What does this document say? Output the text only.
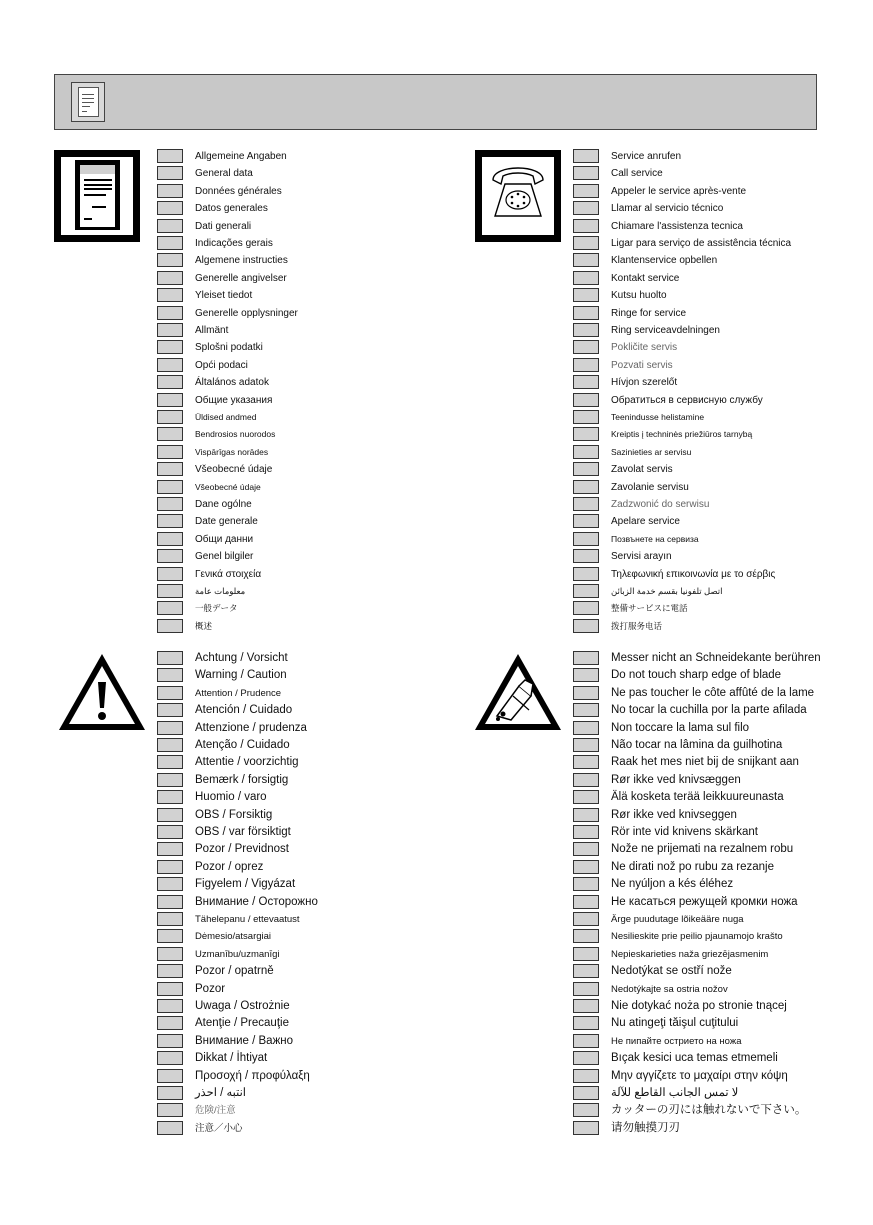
Allgemeine Angaben
General data
Données générales
Datos generales
Dati generali
Indicações gerais
Algemene instructies
Generelle angivelser
Yleiset tiedot
Generelle opplysninger
Allmänt
Splošni podatki
Opći podaci
Általános adatok
Общие указания
Üldised andmed
Bendrosios nuorodos
Vispārīgas norādes
Všeobecné údaje
Všeobecné údaje
Dane ogólne
Date generale
Общи данни
Genel bilgiler
Γενικά στοιχεία
معلومات عامة
一般データ
概述
Service anrufen
Call service
Appeler le service après-vente
Llamar al servicio técnico
Chiamare l'assistenza tecnica
Ligar para serviço de assistência técnica
Klantenservice opbellen
Kontakt service
Kutsu huolto
Ringe for service
Ring serviceavdelningen
Pokličite servis
Pozvati servis
Hívjon szerelőt
Обратиться в сервисную службу
Teenindusse helistamine
Kreiptis į techninės priežiūros tarnybą
Sazinieties ar servisu
Zavolat servis
Zavolanie servisu
Zadzwonić do serwisu
Apelare service
Позвънете на сервиза
Servisi arayın
Τηλεφωνική επικοινωνία με το σέρβις
اتصل تلفونيا بقسم خدمة الزبائن
整備サービスに電話
拨打服务电话
Achtung / Vorsicht
Warning / Caution
Attention / Prudence
Atención / Cuidado
Attenzione / prudenza
Atenção / Cuidado
Attentie / voorzichtig
Bemærk / forsigtig
Huomio / varo
OBS / Forsiktig
OBS / var försiktigt
Pozor / Previdnost
Pozor / oprez
Figyelem / Vigyázat
Внимание / Осторожно
Tähelepanu / ettevaatust
Dėmesio/atsargiai
Uzmanību/uzmanīgi
Pozor / opatrně
Pozor
Uwaga / Ostrożnie
Atenţie / Precauţie
Внимание / Важно
Dikkat / İhtiyat
Προσοχή / προφύλαξη
انتبه / احذر
危険/注意
注意／小心
Messer nicht an Schneidekante berühren
Do not touch sharp edge of blade
Ne pas toucher le côte affûté de la lame
No tocar la cuchilla por la parte afilada
Non toccare la lama sul filo
Não tocar na lâmina da guilhotina
Raak het mes niet bij de snijkant aan
Rør ikke ved knivsæggen
Älä kosketa terää leikkuureunasta
Rør ikke ved knivseggen
Rör inte vid knivens skärkant
Nože ne prijemati na rezalnem robu
Ne dirati nož po rubu za rezanje
Ne nyúljon a kés éléhez
Не касаться режущей кромки ножа
Ärge puudutage lõikeääre nuga
Nesilieskite prie peilio pjaunamojo krašto
Nepieskarieties naža griezējasmenim
Nedotýkat se ostří nože
Nedotýkajte sa ostria nožov
Nie dotykać noża po stronie tnącej
Nu atingeţi tăişul cuţitului
Не пипайте острието на ножа
Bıçak kesici uca temas etmemeli
Μην αγγίζετε το μαχαίρι στην κόψη
لا تمس الجانب القاطع للآلة
カッターの刃には触れないで下さい。
请勿触摸刀刃
